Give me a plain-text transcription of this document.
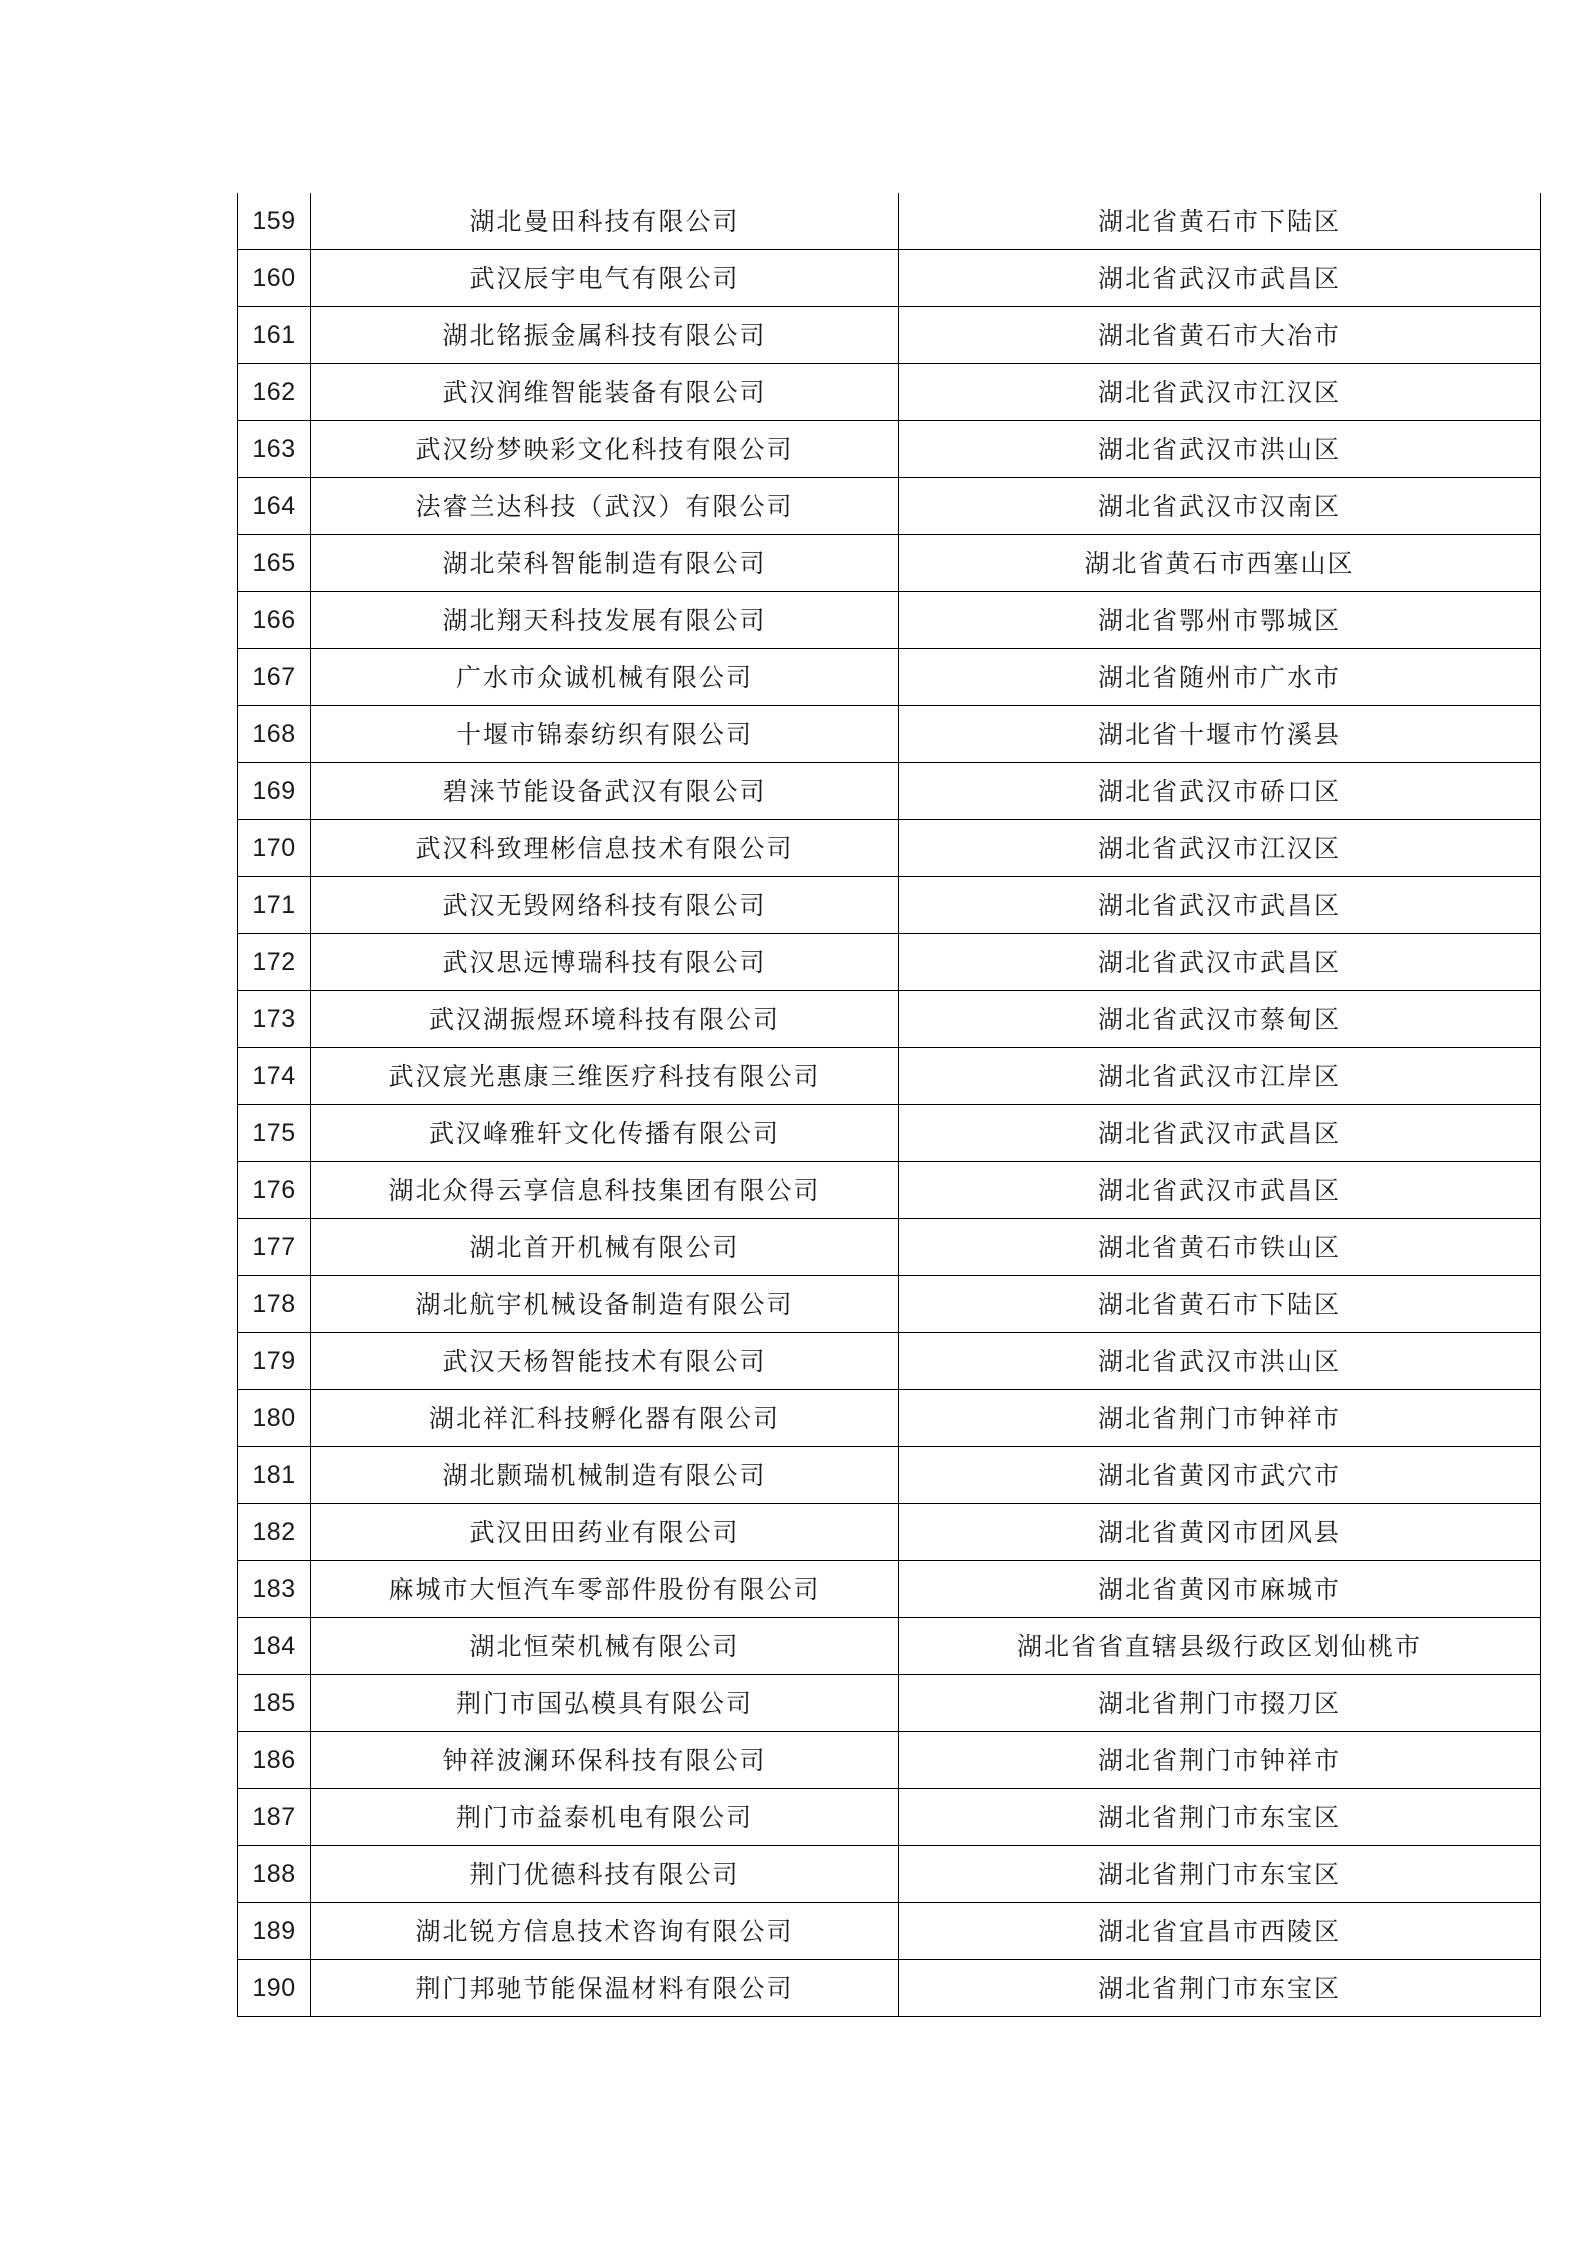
159	湖北曼田科技有限公司	湖北省黄石市下陆区
160	武汉辰宇电气有限公司	湖北省武汉市武昌区
161	湖北铭振金属科技有限公司	湖北省黄石市大冶市
162	武汉润维智能装备有限公司	湖北省武汉市江汉区
163	武汉纷梦映彩文化科技有限公司	湖北省武汉市洪山区
164	法睿兰达科技（武汉）有限公司	湖北省武汉市汉南区
165	湖北荣科智能制造有限公司	湖北省黄石市西塞山区
166	湖北翔天科技发展有限公司	湖北省鄂州市鄂城区
167	广水市众诚机械有限公司	湖北省随州市广水市
168	十堰市锦泰纺织有限公司	湖北省十堰市竹溪县
169	碧涞节能设备武汉有限公司	湖北省武汉市硚口区
170	武汉科致理彬信息技术有限公司	湖北省武汉市江汉区
171	武汉无毁网络科技有限公司	湖北省武汉市武昌区
172	武汉思远博瑞科技有限公司	湖北省武汉市武昌区
173	武汉湖振煜环境科技有限公司	湖北省武汉市蔡甸区
174	武汉宸光惠康三维医疗科技有限公司	湖北省武汉市江岸区
175	武汉峰雅轩文化传播有限公司	湖北省武汉市武昌区
176	湖北众得云享信息科技集团有限公司	湖北省武汉市武昌区
177	湖北首开机械有限公司	湖北省黄石市铁山区
178	湖北航宇机械设备制造有限公司	湖北省黄石市下陆区
179	武汉天杨智能技术有限公司	湖北省武汉市洪山区
180	湖北祥汇科技孵化器有限公司	湖北省荆门市钟祥市
181	湖北颢瑞机械制造有限公司	湖北省黄冈市武穴市
182	武汉田田药业有限公司	湖北省黄冈市团风县
183	麻城市大恒汽车零部件股份有限公司	湖北省黄冈市麻城市
184	湖北恒荣机械有限公司	湖北省省直辖县级行政区划仙桃市
185	荆门市国弘模具有限公司	湖北省荆门市掇刀区
186	钟祥波澜环保科技有限公司	湖北省荆门市钟祥市
187	荆门市益泰机电有限公司	湖北省荆门市东宝区
188	荆门优德科技有限公司	湖北省荆门市东宝区
189	湖北锐方信息技术咨询有限公司	湖北省宜昌市西陵区
190	荆门邦驰节能保温材料有限公司	湖北省荆门市东宝区
